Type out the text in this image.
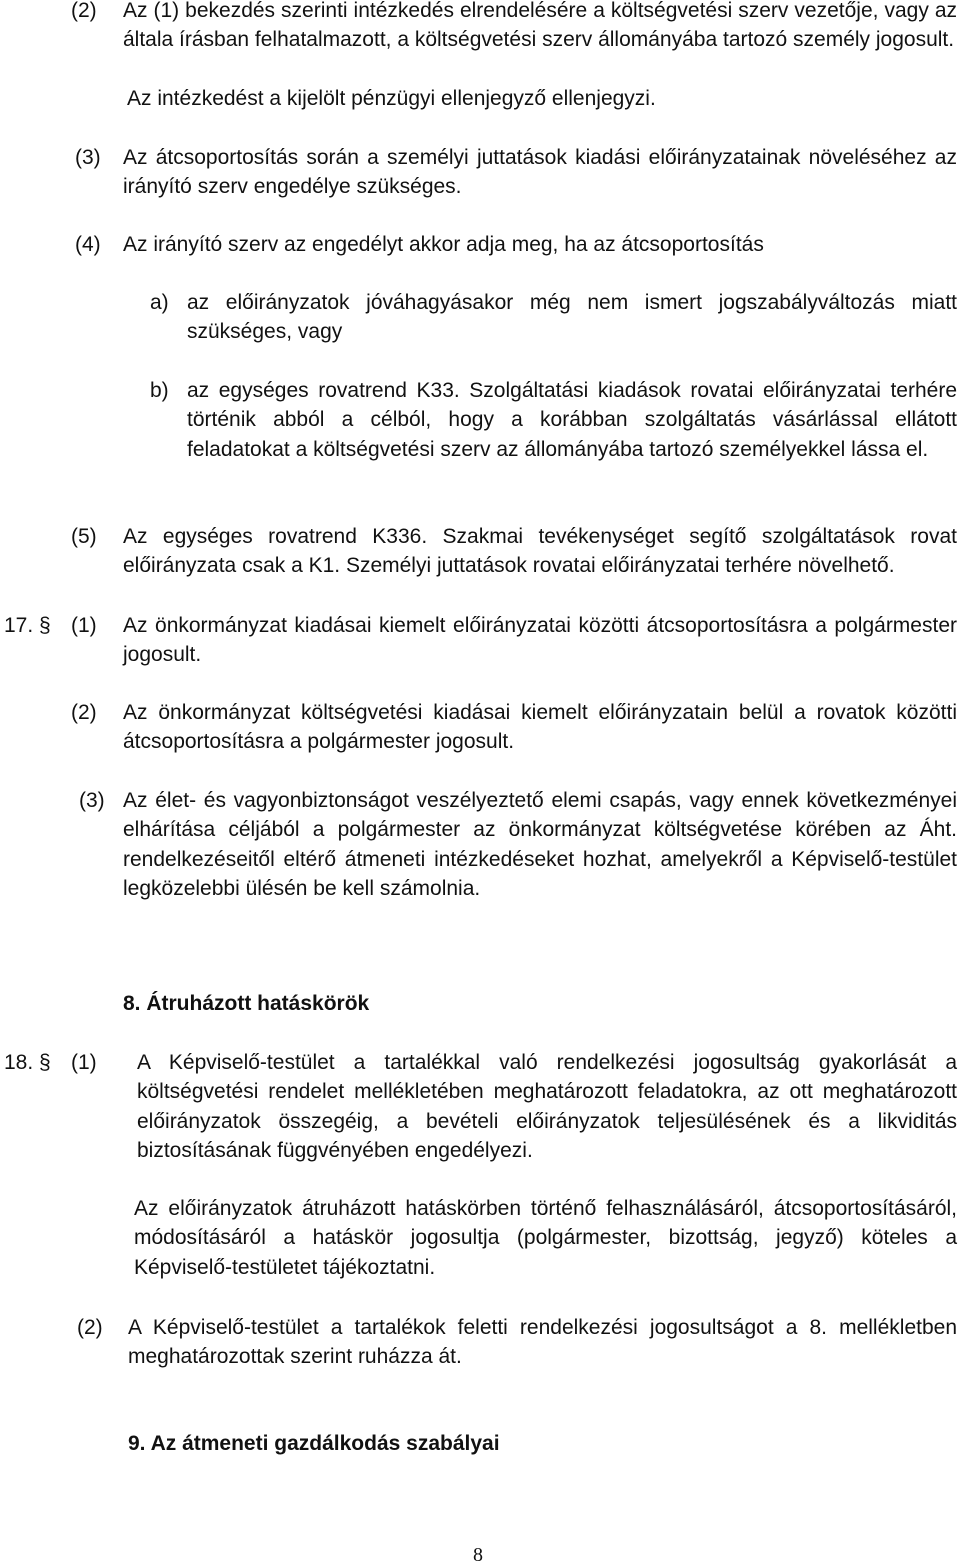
(2) Az (1) bekezdés szerinti intézkedés elrendelésére a költségvetési szerv vezetője, vagy az általa írásban felhatalmazott, a költségvetési szerv állományába tartozó személy jogosult.
Az intézkedést a kijelölt pénzügyi ellenjegyző ellenjegyzi.
(3) Az átcsoportosítás során a személyi juttatások kiadási előirányzatainak növeléséhez az irányító szerv engedélye szükséges.
(4) Az irányító szerv az engedélyt akkor adja meg, ha az átcsoportosítás
a) az előirányzatok jóváhagyásakor még nem ismert jogszabályváltozás miatt szükséges, vagy
b) az egységes rovatrend K33. Szolgáltatási kiadások rovatai előirányzatai terhére történik abból a célból, hogy a korábban szolgáltatás vásárlással ellátott feladatokat a költségvetési szerv az állományába tartozó személyekkel lássa el.
(5) Az egységes rovatrend K336. Szakmai tevékenységet segítő szolgáltatások rovat előirányzata csak a K1. Személyi juttatások rovatai előirányzatai terhére növelhető.
17. § (1) Az önkormányzat kiadásai kiemelt előirányzatai közötti átcsoportosításra a polgármester jogosult.
(2) Az önkormányzat költségvetési kiadásai kiemelt előirányzatain belül a rovatok közötti átcsoportosításra a polgármester jogosult.
(3) Az élet- és vagyonbiztonságot veszélyeztető elemi csapás, vagy ennek következményei elhárítása céljából a polgármester az önkormányzat költségvetése körében az Áht. rendelkezéseitől eltérő átmeneti intézkedéseket hozhat, amelyekről a Képviselő-testület legközelebbi ülésén be kell számolnia.
8. Átruházott hatáskörök
18. § (1) A Képviselő-testület a tartalékkal való rendelkezési jogosultság gyakorlását a költségvetési rendelet mellékletében meghatározott feladatokra, az ott meghatározott előirányzatok összegéig, a bevételi előirányzatok teljesülésének és a likviditás biztosításának függvényében engedélyezi.
Az előirányzatok átruházott hatáskörben történő felhasználásáról, átcsoportosításáról, módosításáról a hatáskör jogosultja (polgármester, bizottság, jegyző) köteles a Képviselő-testületet tájékoztatni.
(2) A Képviselő-testület a tartalékok feletti rendelkezési jogosultságot a 8. mellékletben meghatározottak szerint ruházza át.
9. Az átmeneti gazdálkodás szabályai
8
